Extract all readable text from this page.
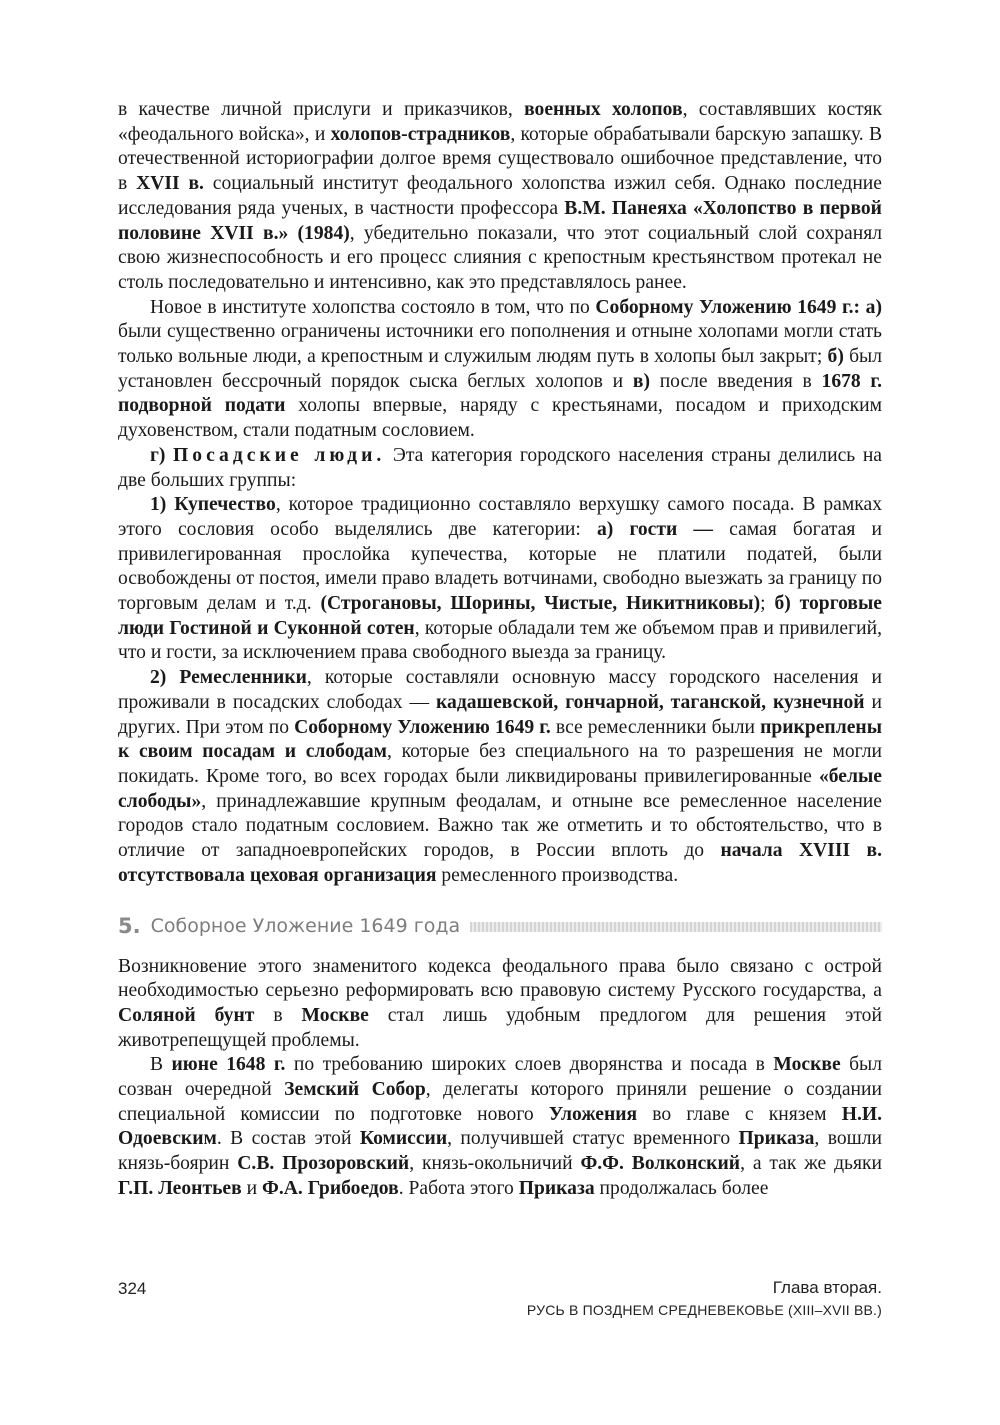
в качестве личной прислуги и приказчиков, военных холопов, составлявших костяк «феодального войска», и холопов-страдников, которые обрабатывали барскую запашку. В отечественной историографии долгое время существовало ошибочное представление, что в XVII в. социальный институт феодального холопства изжил себя. Однако последние исследования ряда ученых, в частности профессора В.М. Панеяха «Холопство в первой половине XVII в.» (1984), убедительно показали, что этот социальный слой сохранял свою жизнеспособность и его процесс слияния с крепостным крестьянством протекал не столь последовательно и интенсивно, как это представлялось ранее.

Новое в институте холопства состояло в том, что по Соборному Уложению 1649 г.: а) были существенно ограничены источники его пополнения и отныне холопами могли стать только вольные люди, а крепостным и служилым людям путь в холопы был закрыт; б) был установлен бессрочный порядок сыска беглых холопов и в) после введения в 1678 г. подворной подати холопы впервые, наряду с крестьянами, посадом и приходским духовенством, стали податным сословием.

г) Посадские люди. Эта категория городского населения страны делились на две больших группы:

1) Купечество, которое традиционно составляло верхушку самого посада. В рамках этого сословия особо выделялись две категории: а) гости — самая богатая и привилегированная прослойка купечества, которые не платили податей, были освобождены от постоя, имели право владеть вотчинами, свободно выезжать за границу по торговым делам и т.д. (Строгановы, Шорины, Чистые, Никитниковы); б) торговые люди Гостиной и Суконной сотен, которые обладали тем же объемом прав и привилегий, что и гости, за исключением права свободного выезда за границу.

2) Ремесленники, которые составляли основную массу городского населения и проживали в посадских слободах — кадашевской, гончарной, таганской, кузнечной и других. При этом по Соборному Уложению 1649 г. все ремесленники были прикреплены к своим посадам и слободам, которые без специального на то разрешения не могли покидать. Кроме того, во всех городах были ликвидированы привилегированные «белые слободы», принадлежавшие крупным феодалам, и отныне все ремесленное население городов стало податным сословием. Важно так же отметить и то обстоятельство, что в отличие от западноевропейских городов, в России вплоть до начала XVIII в. отсутствовала цеховая организация ремесленного производства.

5. Соборное Уложение 1649 года

Возникновение этого знаменитого кодекса феодального права было связано с острой необходимостью серьезно реформировать всю правовую систему Русского государства, а Соляной бунт в Москве стал лишь удобным предлогом для решения этой животрепещущей проблемы.

В июне 1648 г. по требованию широких слоев дворянства и посада в Москве был созван очередной Земский Собор, делегаты которого приняли решение о создании специальной комиссии по подготовке нового Уложения во главе с князем Н.И. Одоевским. В состав этой Комиссии, получившей статус временного Приказа, вошли князь-боярин С.В. Прозоровский, князь-окольничий Ф.Ф. Волконский, а так же дьяки Г.П. Леонтьев и Ф.А. Грибоедов. Работа этого Приказа продолжалась более

324	Глава вторая.
РУСЬ В ПОЗДНЕМ СРЕДНЕВЕКОВЬЕ (XIII–XVII ВВ.)
